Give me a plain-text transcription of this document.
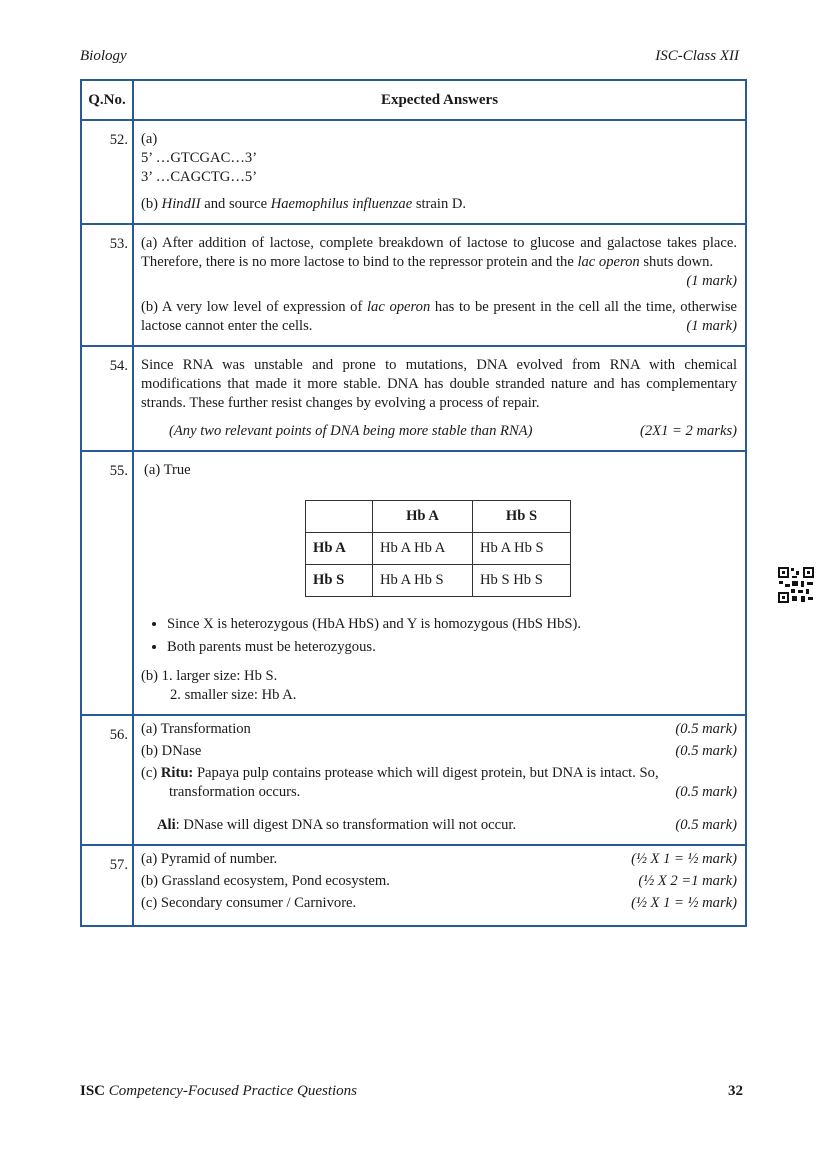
Biology	ISC-Class XII
Q.No.	Expected Answers
52.	(a)
5’ …GTCGAC…3’
3’ …CAGCTG…5’
(b) HindII and source Haemophilus influenzae strain D.

53.	(a) After addition of lactose, complete breakdown of lactose to glucose and galactose takes place. Therefore, there is no more lactose to bind to the repressor protein and the lac operon shuts down.
(1 mark)
(b) A very low level of expression of lac operon has to be present in the cell all the time, otherwise lactose cannot enter the cells.	(1 mark)

54.	Since RNA was unstable and prone to mutations, DNA evolved from RNA with chemical modifications that made it more stable. DNA has double stranded nature and has complementary strands. These further resist changes by evolving a process of repair.
(Any two relevant points of DNA being more stable than RNA)	(2X1 = 2 marks)

55.	(a) True
	Hb A	Hb S
Hb A	Hb A Hb A	Hb A Hb S
Hb S	Hb A Hb S	Hb S Hb S
• Since X is heterozygous (HbA HbS) and Y is homozygous (HbS HbS).
• Both parents must be heterozygous.
(b) 1. larger size: Hb S.
2. smaller size: Hb A.

56.	(a) Transformation	(0.5 mark)
(b) DNase	(0.5 mark)
(c) Ritu: Papaya pulp contains protease which will digest protein, but DNA is intact. So,
transformation occurs.	(0.5 mark)
Ali: DNase will digest DNA so transformation will not occur.	(0.5 mark)

57.	(a) Pyramid of number.	(½ X 1 = ½ mark)
(b) Grassland ecosystem, Pond ecosystem.	(½ X 2 =1 mark)
(c) Secondary consumer / Carnivore.	(½ X 1 = ½ mark)
ISC Competency-Focused Practice Questions	32
